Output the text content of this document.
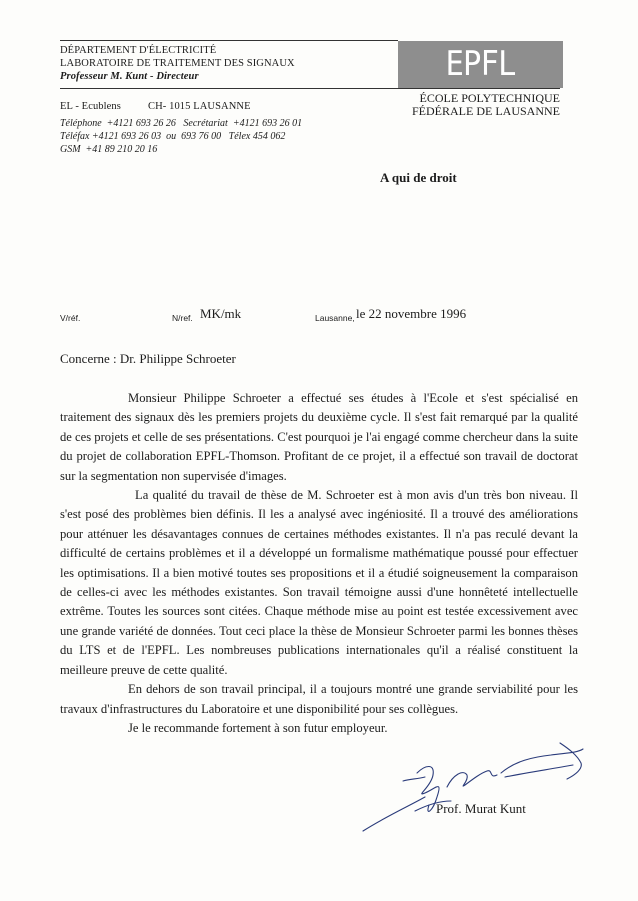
DÉPARTEMENT D'ÉLECTRICITÉ
LABORATOIRE DE TRAITEMENT DES SIGNAUX
Professeur M. Kunt - Directeur	EPFL
ÉCOLE POLYTECHNIQUE
FÉDÉRALE DE LAUSANNE
EL - Ecublens	CH- 1015 LAUSANNE
Téléphone  +4121 693 26 26   Secrétariat  +4121 693 26 01
Téléfax +4121 693 26 03  ou  693 76 00   Télex 454 062
GSM  +41 89 210 20 16
A qui de droit
V/réf.	N/ref. MK/mk	Lausanne, le 22 novembre 1996
Concerne : Dr. Philippe Schroeter

Monsieur Philippe Schroeter a effectué ses études à l'Ecole et s'est spécialisé en traitement des signaux dès les premiers projets du deuxième cycle. Il s'est fait remarqué par la qualité de ces projets et celle de ses présentations. C'est pourquoi je l'ai engagé comme chercheur dans la suite du projet de collaboration EPFL-Thomson. Profitant de ce projet, il a effectué son travail de doctorat sur la segmentation non supervisée d'images.

La qualité du travail de thèse de M. Schroeter est à mon avis d'un très bon niveau. Il s'est posé des problèmes bien définis. Il les a analysé avec ingéniosité. Il a trouvé des améliorations pour atténuer les désavantages connues de certaines méthodes existantes. Il n'a pas reculé devant la difficulté de certains problèmes et il a développé un formalisme mathématique poussé pour effectuer les optimisations. Il a bien motivé toutes ses propositions et il a étudié soigneusement la comparaison de celles-ci avec les méthodes existantes. Son travail témoigne aussi d'une honnêteté intellectuelle extrême. Toutes les sources sont citées. Chaque méthode mise au point est testée excessivement avec une grande variété de données. Tout ceci place la thèse de Monsieur Schroeter parmi les bonnes thèses du LTS et de l'EPFL. Les nombreuses publications internationales qu'il a réalisé constituent la meilleure preuve de cette qualité.

En dehors de son travail principal, il a toujours montré une grande serviabilité pour les travaux d'infrastructures du Laboratoire et une disponibilité pour ses collègues.

Je le recommande fortement à son futur employeur.

Prof. Murat Kunt
